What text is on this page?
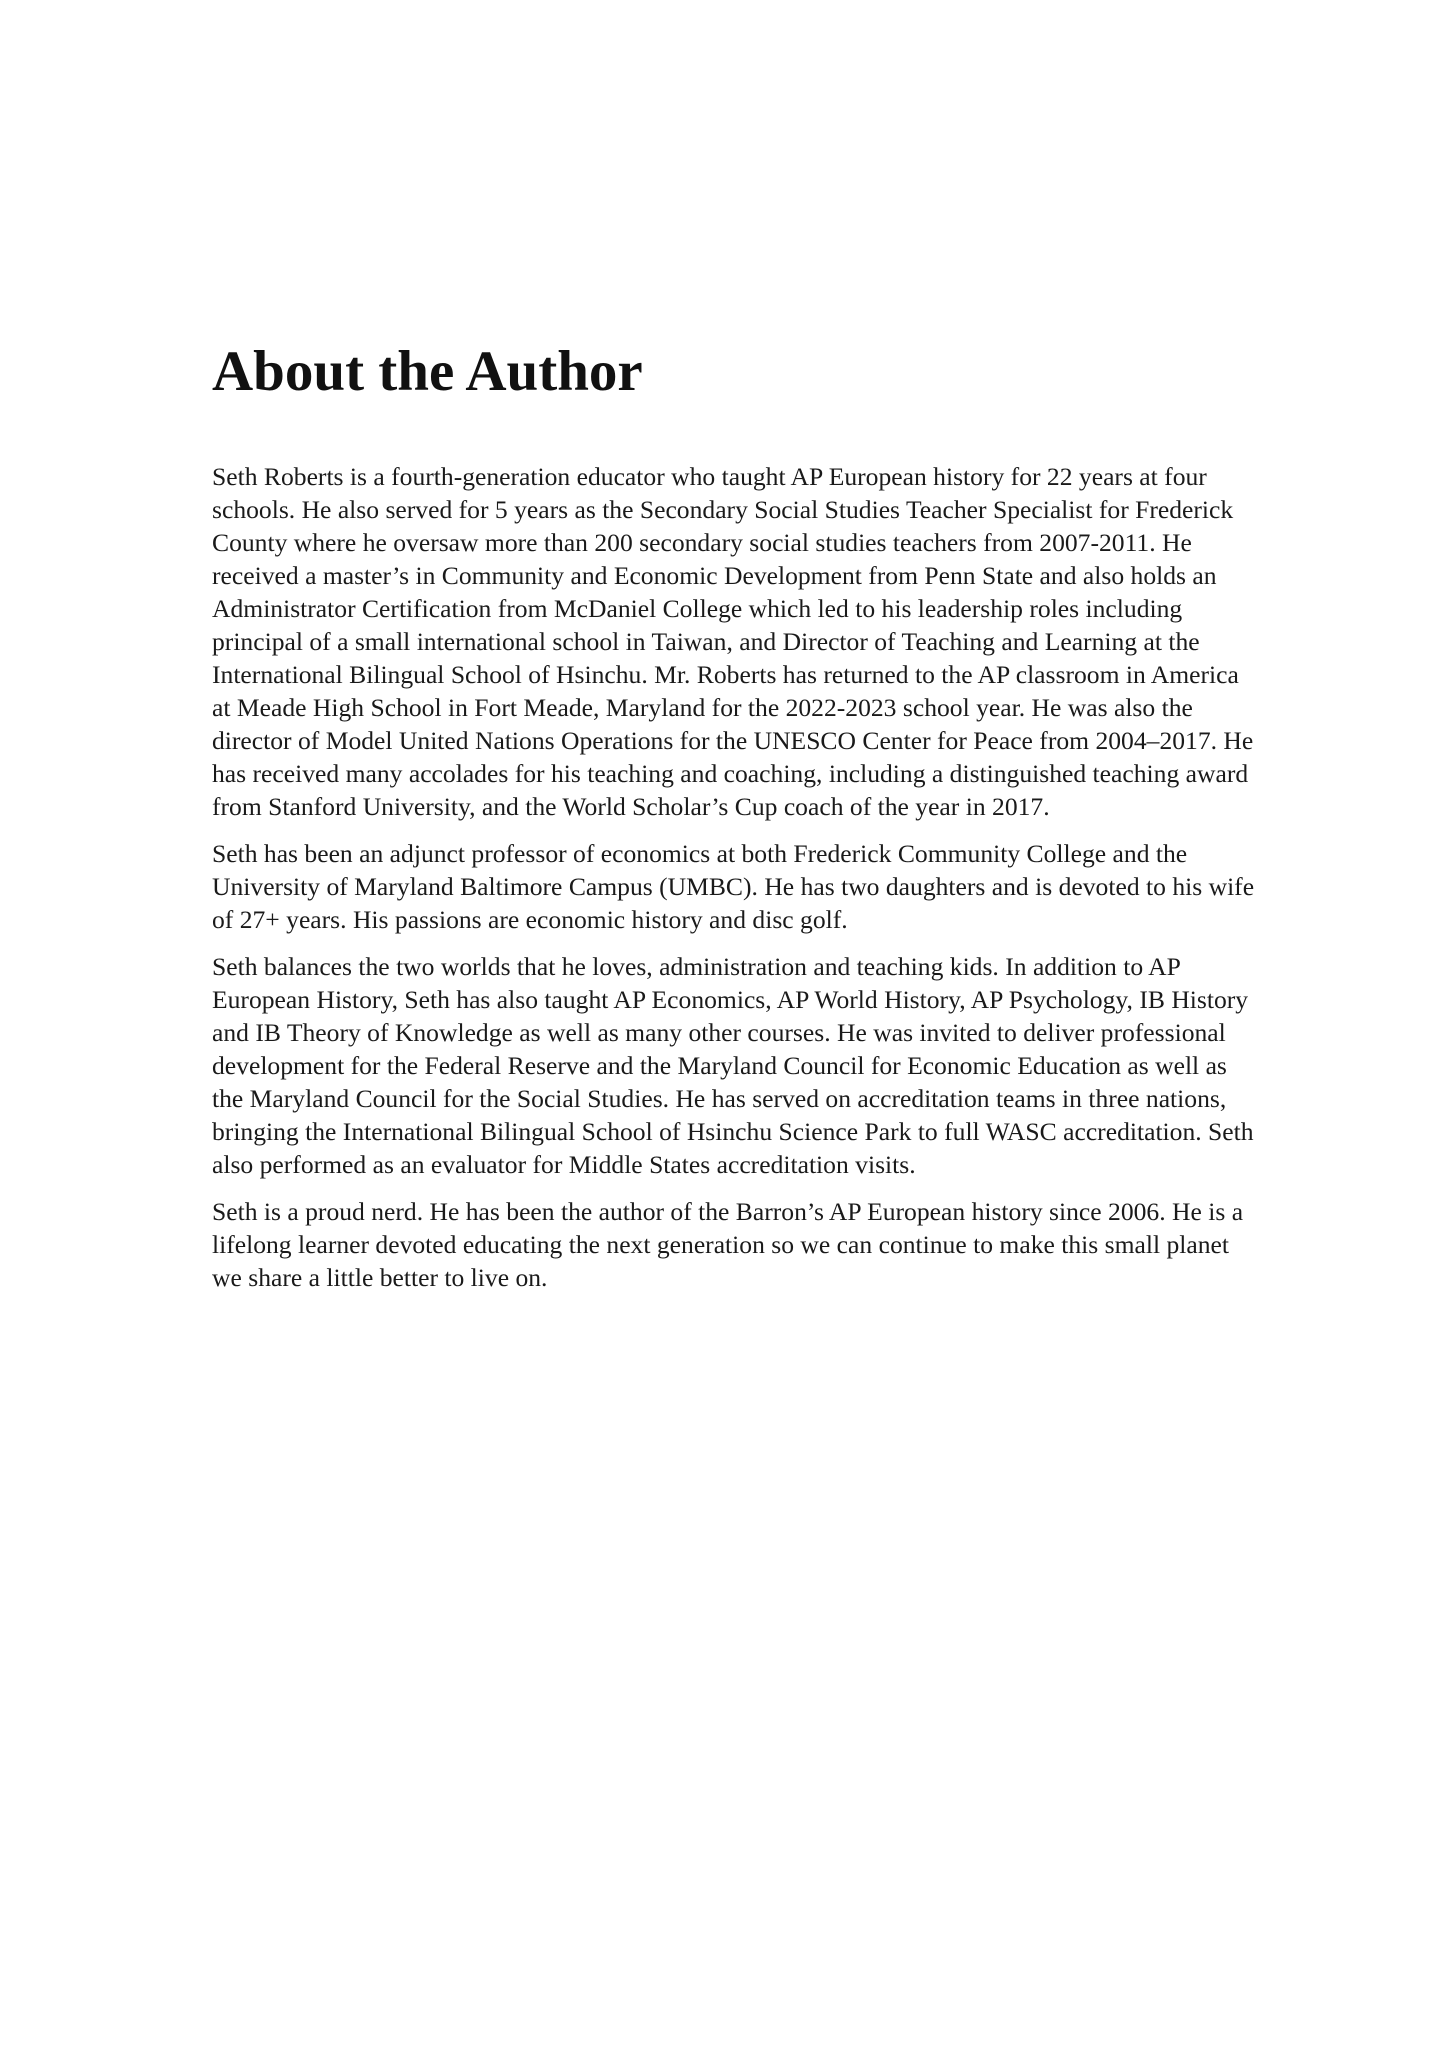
About the Author

Seth Roberts is a fourth-generation educator who taught AP European history for 22 years at four schools. He also served for 5 years as the Secondary Social Studies Teacher Specialist for Frederick County where he oversaw more than 200 secondary social studies teachers from 2007-2011. He received a master’s in Community and Economic Development from Penn State and also holds an Administrator Certification from McDaniel College which led to his leadership roles including principal of a small international school in Taiwan, and Director of Teaching and Learning at the International Bilingual School of Hsinchu. Mr. Roberts has returned to the AP classroom in America at Meade High School in Fort Meade, Maryland for the 2022-2023 school year. He was also the director of Model United Nations Operations for the UNESCO Center for Peace from 2004–2017. He has received many accolades for his teaching and coaching, including a distinguished teaching award from Stanford University, and the World Scholar’s Cup coach of the year in 2017.

Seth has been an adjunct professor of economics at both Frederick Community College and the University of Maryland Baltimore Campus (UMBC). He has two daughters and is devoted to his wife of 27+ years. His passions are economic history and disc golf.

Seth balances the two worlds that he loves, administration and teaching kids. In addition to AP European History, Seth has also taught AP Economics, AP World History, AP Psychology, IB History and IB Theory of Knowledge as well as many other courses. He was invited to deliver professional development for the Federal Reserve and the Maryland Council for Economic Education as well as the Maryland Council for the Social Studies. He has served on accreditation teams in three nations, bringing the International Bilingual School of Hsinchu Science Park to full WASC accreditation. Seth also performed as an evaluator for Middle States accreditation visits.

Seth is a proud nerd. He has been the author of the Barron’s AP European history since 2006. He is a lifelong learner devoted educating the next generation so we can continue to make this small planet we share a little better to live on.
